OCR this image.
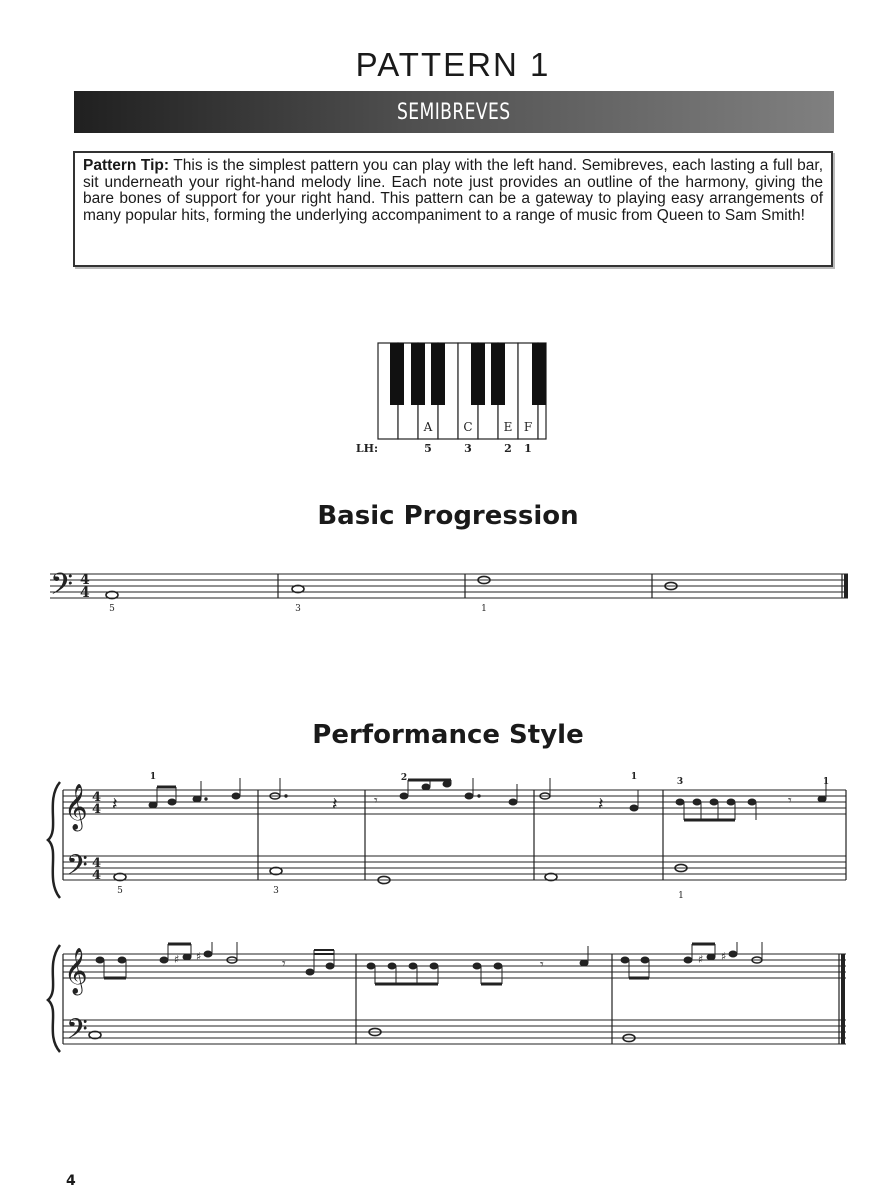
PATTERN 1
SEMIBREVES
Pattern Tip: This is the simplest pattern you can play with the left hand. Semibreves, each lasting a full bar, sit underneath your right-hand melody line. Each note just provides an outline of the harmony, giving the bare bones of support for your right hand. This pattern can be a gateway to playing easy arrangements of many popular hits, forming the underlying accompaniment to a range of music from Queen to Sam Smith!
A	C	E F
LH:	5	3	2 1
Basic Progression
𝄢 4
4
5	3	1
Performance Style
𝄞
𝄢
4
4
4
4
𝄽	𝄽	𝄾	𝄽	𝄾
1	2	1	3	1
5	3	1
𝄞
𝄢
♯ ♯	𝄾	𝄾	♯ ♯
4
